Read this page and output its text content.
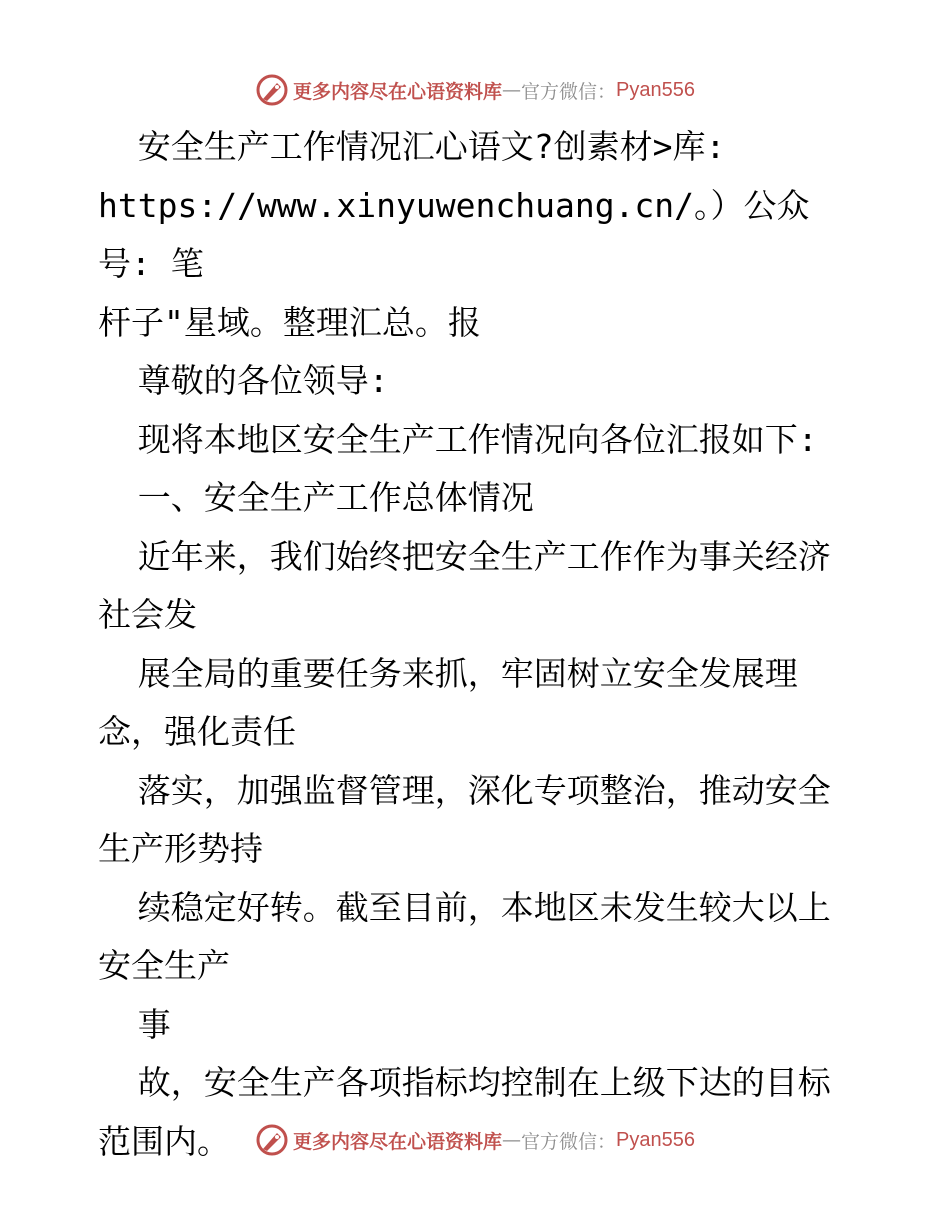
更多内容尽在心语资料库 — 官方微信： Pyan556

安全生产工作情况汇心语文?创素材>库:

https://www.xinyuwenchuang.cn/。）公众号: 笔

杆子"星域。整理汇总。报

尊敬的各位领导:

现将本地区安全生产工作情况向各位汇报如下:

一、安全生产工作总体情况

近年来，我们始终把安全生产工作作为事关经济

社会发

展全局的重要任务来抓，牢固树立安全发展理

念，强化责任

落实，加强监督管理，深化专项整治，推动安全

生产形势持

续稳定好转。截至目前，本地区未发生较大以上

安全生产

事

故，安全生产各项指标均控制在上级下达的目标

范围内。	更多内容尽在心语资料库 — 官方微信： Pyan556
